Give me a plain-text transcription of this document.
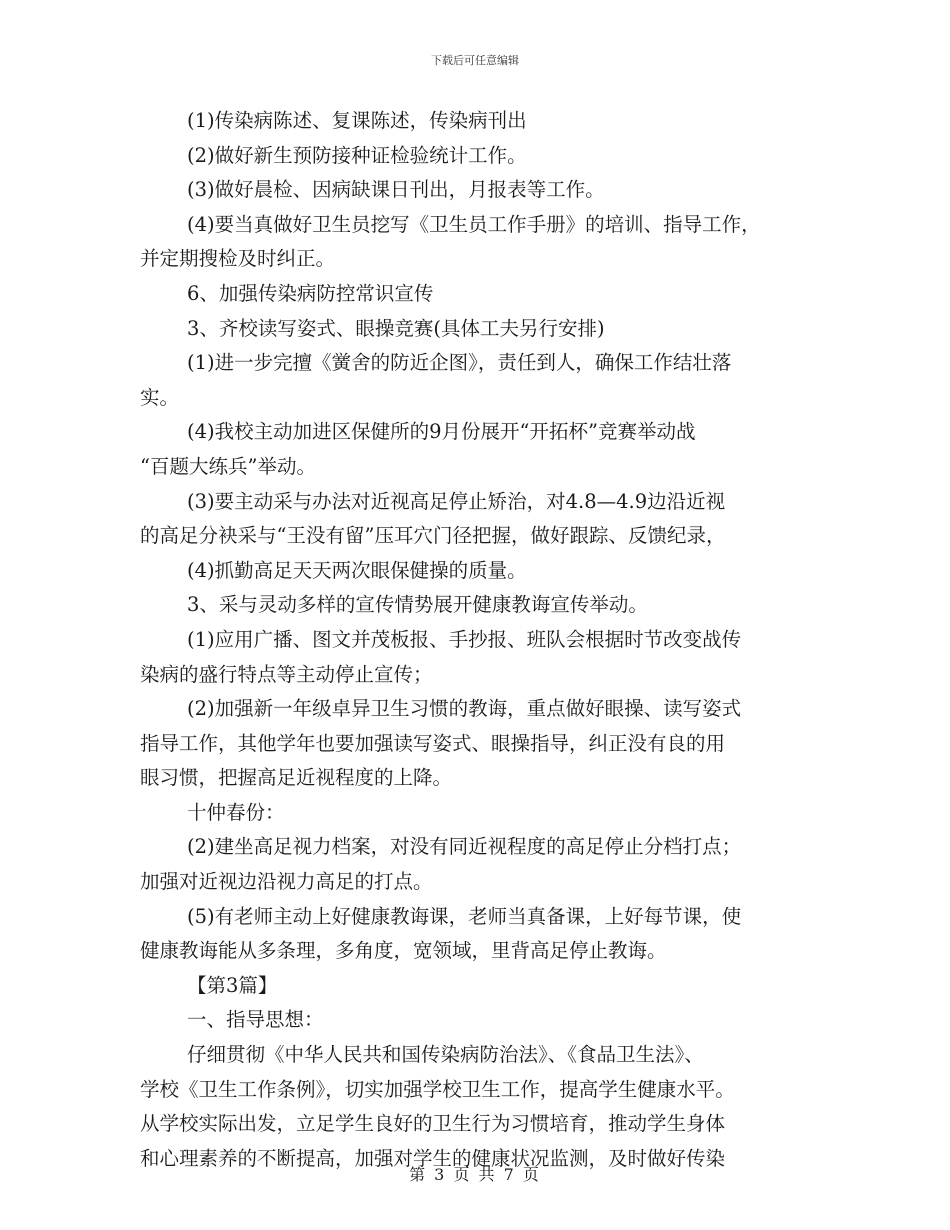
下载后可任意编辑
(1)传染病陈述、复课陈述，传染病刊出
(2)做好新生预防接种证检验统计工作。
(3)做好晨检、因病缺课日刊出，月报表等工作。
(4)要当真做好卫生员挖写《卫生员工作手册》的培训、指导工作，
并定期搜检及时纠正。
6、加强传染病防控常识宣传
3、齐校读写姿式、眼操竞赛(具体工夫另行安排)
(1)进一步完擅《黉舍的防近企图》，责任到人，确保工作结壮落
实。
(4)我校主动加进区保健所的9月份展开“开拓杯”竞赛举动战
“百题大练兵”举动。
(3)要主动采与办法对近视高足停止矫治，对4.8—4.9边沿近视
的高足分袂采与“王没有留”压耳穴门径把握，做好跟踪、反馈纪录，
(4)抓勤高足天天两次眼保健操的质量。
3、采与灵动多样的宣传情势展开健康教诲宣传举动。
(1)应用广播、图文并茂板报、手抄报、班队会根据时节改变战传
染病的盛行特点等主动停止宣传；
(2)加强新一年级卓异卫生习惯的教诲，重点做好眼操、读写姿式
指导工作，其他学年也要加强读写姿式、眼操指导，纠正没有良的用
眼习惯，把握高足近视程度的上降。
十仲春份：
(2)建坐高足视力档案，对没有同近视程度的高足停止分档打点；
加强对近视边沿视力高足的打点。
(5)有老师主动上好健康教诲课，老师当真备课，上好每节课，使
健康教诲能从多条理，多角度，宽领域，里背高足停止教诲。
【第3篇】
一、指导思想：
仔细贯彻《中华人民共和国传染病防治法》、《食品卫生法》、
学校《卫生工作条例》，切实加强学校卫生工作，提高学生健康水平。
从学校实际出发，立足学生良好的卫生行为习惯培育，推动学生身体
和心理素养的不断提高，加强对学生的健康状况监测，及时做好传染
第 3 页 共 7 页
